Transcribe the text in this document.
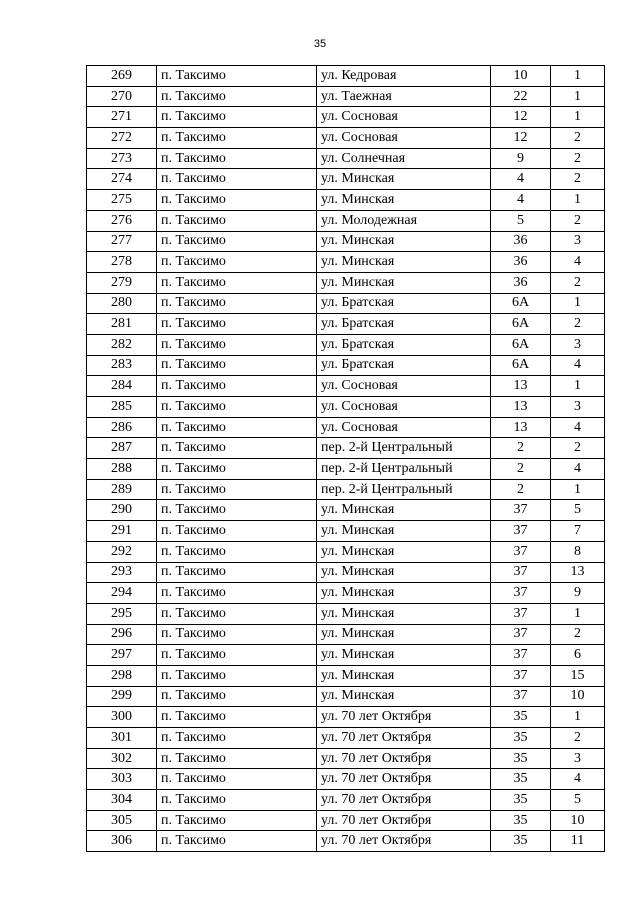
35
269	п. Таксимо	ул. Кедровая	10	1
270	п. Таксимо	ул. Таежная	22	1
271	п. Таксимо	ул. Сосновая	12	1
272	п. Таксимо	ул. Сосновая	12	2
273	п. Таксимо	ул. Солнечная	9	2
274	п. Таксимо	ул. Минская	4	2
275	п. Таксимо	ул. Минская	4	1
276	п. Таксимо	ул. Молодежная	5	2
277	п. Таксимо	ул. Минская	36	3
278	п. Таксимо	ул. Минская	36	4
279	п. Таксимо	ул. Минская	36	2
280	п. Таксимо	ул. Братская	6А	1
281	п. Таксимо	ул. Братская	6А	2
282	п. Таксимо	ул. Братская	6А	3
283	п. Таксимо	ул. Братская	6А	4
284	п. Таксимо	ул. Сосновая	13	1
285	п. Таксимо	ул. Сосновая	13	3
286	п. Таксимо	ул. Сосновая	13	4
287	п. Таксимо	пер. 2-й Центральный	2	2
288	п. Таксимо	пер. 2-й Центральный	2	4
289	п. Таксимо	пер. 2-й Центральный	2	1
290	п. Таксимо	ул. Минская	37	5
291	п. Таксимо	ул. Минская	37	7
292	п. Таксимо	ул. Минская	37	8
293	п. Таксимо	ул. Минская	37	13
294	п. Таксимо	ул. Минская	37	9
295	п. Таксимо	ул. Минская	37	1
296	п. Таксимо	ул. Минская	37	2
297	п. Таксимо	ул. Минская	37	6
298	п. Таксимо	ул. Минская	37	15
299	п. Таксимо	ул. Минская	37	10
300	п. Таксимо	ул. 70 лет Октября	35	1
301	п. Таксимо	ул. 70 лет Октября	35	2
302	п. Таксимо	ул. 70 лет Октября	35	3
303	п. Таксимо	ул. 70 лет Октября	35	4
304	п. Таксимо	ул. 70 лет Октября	35	5
305	п. Таксимо	ул. 70 лет Октября	35	10
306	п. Таксимо	ул. 70 лет Октября	35	11
